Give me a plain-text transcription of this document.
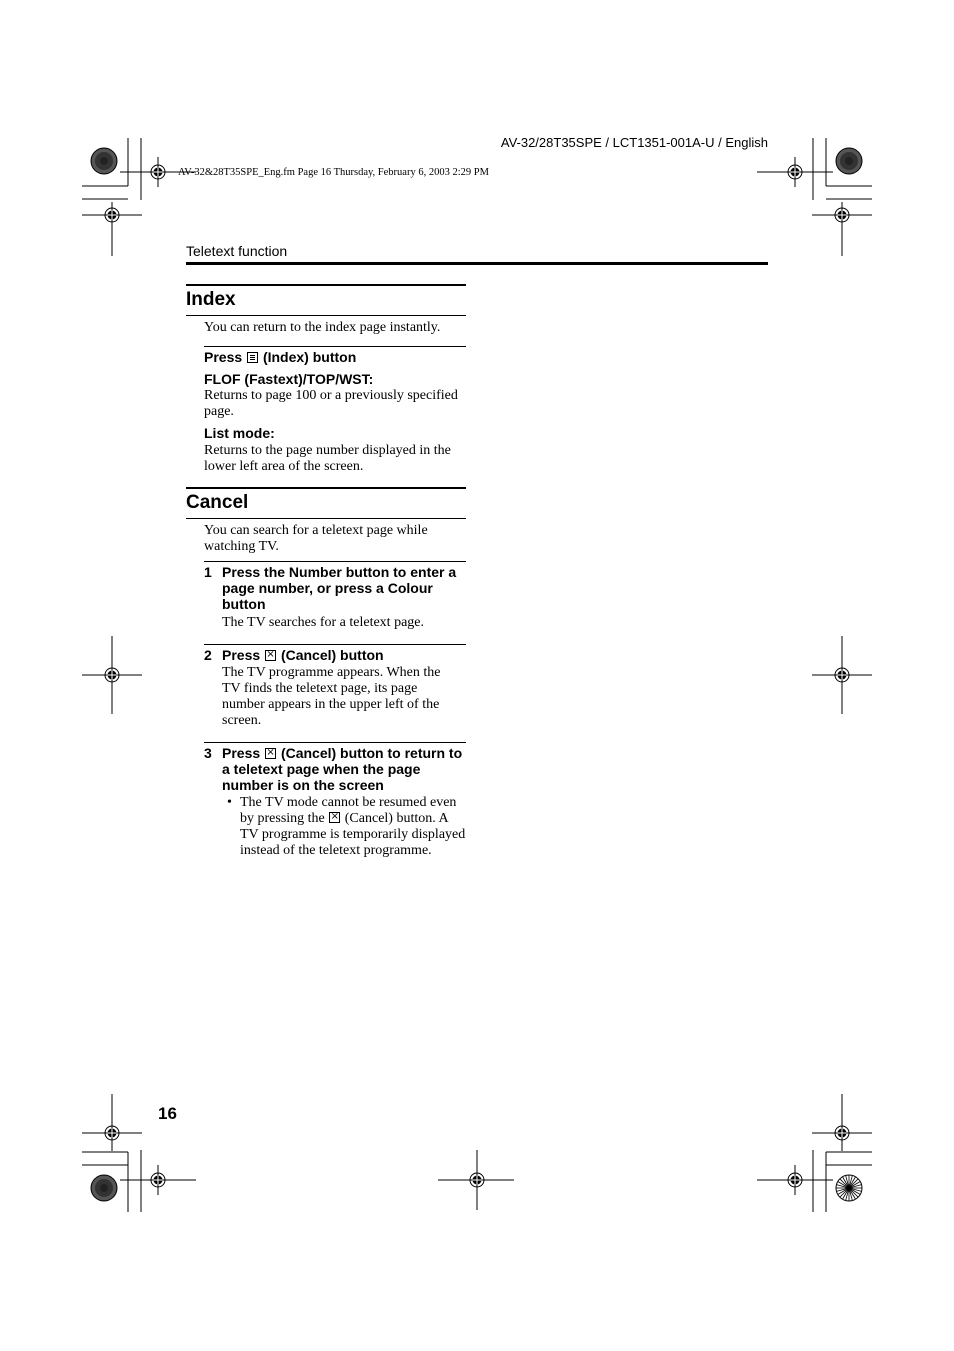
AV-32/28T35SPE / LCT1351-001A-U / English
AV-32&28T35SPE_Eng.fm Page 16 Thursday, February 6, 2003 2:29 PM
Teletext function
Index
You can return to the index page instantly.
Press (Index) button
FLOF (Fastext)/TOP/WST:
Returns to page 100 or a previously specified page.
List mode:
Returns to the page number displayed in the lower left area of the screen.
Cancel
You can search for a teletext page while watching TV.
1 Press the Number button to enter a page number, or press a Colour button
The TV searches for a teletext page.
2 Press × (Cancel) button
The TV programme appears. When the TV finds the teletext page, its page number appears in the upper left of the screen.
3 Press × (Cancel) button to return to a teletext page when the page number is on the screen
• The TV mode cannot be resumed even by pressing the × (Cancel) button. A TV programme is temporarily displayed instead of the teletext programme.
16
